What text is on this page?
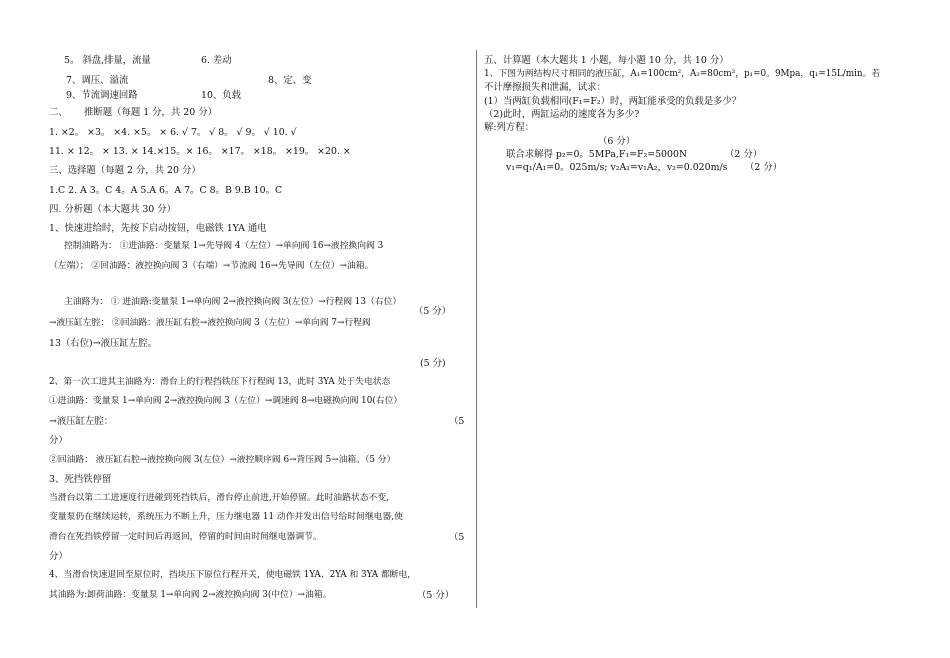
5。 斜盘,排量，流量	6. 差动
7、调压、溢流	8、定、变
9、节流调速回路	10、负载
二、 推断题（每题 1 分，共 20 分）
1. ×2。 ×3。 ×4. ×5。 × 6. √ 7。 √ 8。 √ 9。 √ 10. √
11. × 12。 × 13. × 14.×15。× 16。 ×17。 ×18。 ×19。 ×20. ×
三、选择题（每题 2 分，共 20 分）
1.C 2. A 3。C 4。A 5.A 6。A 7。C 8。B 9.B 10。C
四. 分析题（本大题共 30 分）
1、快速进给时，先按下启动按钮，电磁铁 1YA 通电
控制油路为： ①进油路：变量泵 1→先导阀 4（左位）→单向阀 16→液控换向阀 3
（左端）； ②回油路：液控换向阀 3（右端）→节流阀 16→先导阀（左位）→油箱。
（5 分）
主油路为： ① 进油路:变量泵 1→单向阀 2→液控换向阀 3(左位）→行程阀 13（右位）
→液压缸左腔： ②回油路：液压缸右腔→液控换向阀 3（左位）→单向阀 7→行程阀
13（右位)→液压缸左腔。
(5 分)
2、第一次工进其主油路为：滑台上的行程挡铁压下行程阀 13，此时 3YA 处于失电状态
①进油路：变量泵 1→单向阀 2→液控换向阀 3（左位）→调速阀 8→电磁换向阀 10(右位）
→液压缸左腔：	（5
分）
②回油路： 液压缸右腔→液控换向阀 3(左位）→液控顺序阀 6→背压阀 5→油箱。（5 分）
3、死挡铁停留
当滑台以第二工进速度行进碰到死挡铁后，滑台停止前进,开始停留。此时油路状态不变,
变量泵仍在继续运转，系统压力不断上升，压力继电器 11 动作并发出信号给时间继电器,使
滑台在死挡铁停留一定时间后再返回，停留的时间由时间继电器调节。	（5
分）
4、当滑台快速退回至原位时，挡块压下原位行程开关，使电磁铁 1YA、2YA 和 3YA 都断电，
其油路为:卸荷油路：变量泵 1→单向阀 2→液控换向阀 3(中位）→油箱。	（5 分）
五、计算题（本大题共 1 小题，每小题 10 分，共 10 分）
1、下图为两结构尺寸相同的液压缸，A₁=100cm²，A₂=80cm²，p₁=0。9Mpa，q₁=15L/min。若
不计摩擦损失和泄漏，试求：
(1）当两缸负载相同(F₁=F₂）时，两缸能承受的负载是多少？
（2)此时，两缸运动的速度各为多少?
解:列方程：
（6 分）
联合求解得 p₂=0。5MPa,F₁=F₂=5000N	（2 分）
v₁=q₁/A₁=0。025m/s; v₂A₁=v₁A₂，v₂=0.020m/s （2 分）
